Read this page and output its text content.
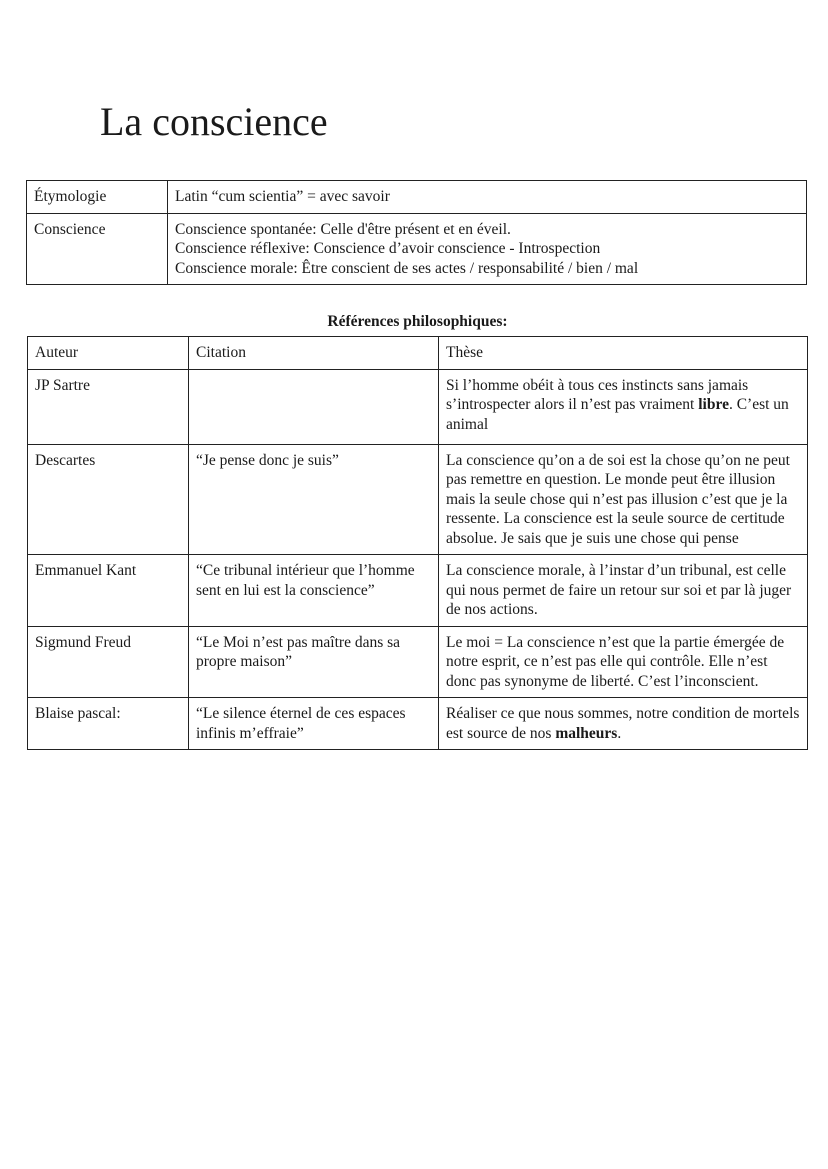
La conscience
Étymologie	Latin “cum scientia” = avec savoir

Conscience	Conscience spontanée: Celle d'être présent et en éveil.
Conscience réflexive: Conscience d’avoir conscience - Introspection
Conscience morale: Être conscient de ses actes / responsabilité / bien / mal
Références philosophiques:
Auteur	Citation	Thèse
JP Sartre		Si l’homme obéit à tous ces instincts sans jamais s’introspecter alors il n’est pas vraiment libre. C’est un animal
Descartes	“Je pense donc je suis”	La conscience qu’on a de soi est la chose qu’on ne peut pas remettre en question. Le monde peut être illusion mais la seule chose qui n’est pas illusion c’est que je la ressente. La conscience est la seule source de certitude absolue. Je sais que je suis une chose qui pense
Emmanuel Kant	“Ce tribunal intérieur que l’homme sent en lui est la conscience”	La conscience morale, à l’instar d’un tribunal, est celle qui nous permet de faire un retour sur soi et par là juger de nos actions.
Sigmund Freud	“Le Moi n’est pas maître dans sa propre maison”	Le moi = La conscience n’est que la partie émergée de notre esprit, ce n’est pas elle qui contrôle. Elle n’est donc pas synonyme de liberté. C’est l’inconscient.
Blaise pascal:	“Le silence éternel de ces espaces infinis m’effraie”	Réaliser ce que nous sommes, notre condition de mortels est source de nos malheurs.
